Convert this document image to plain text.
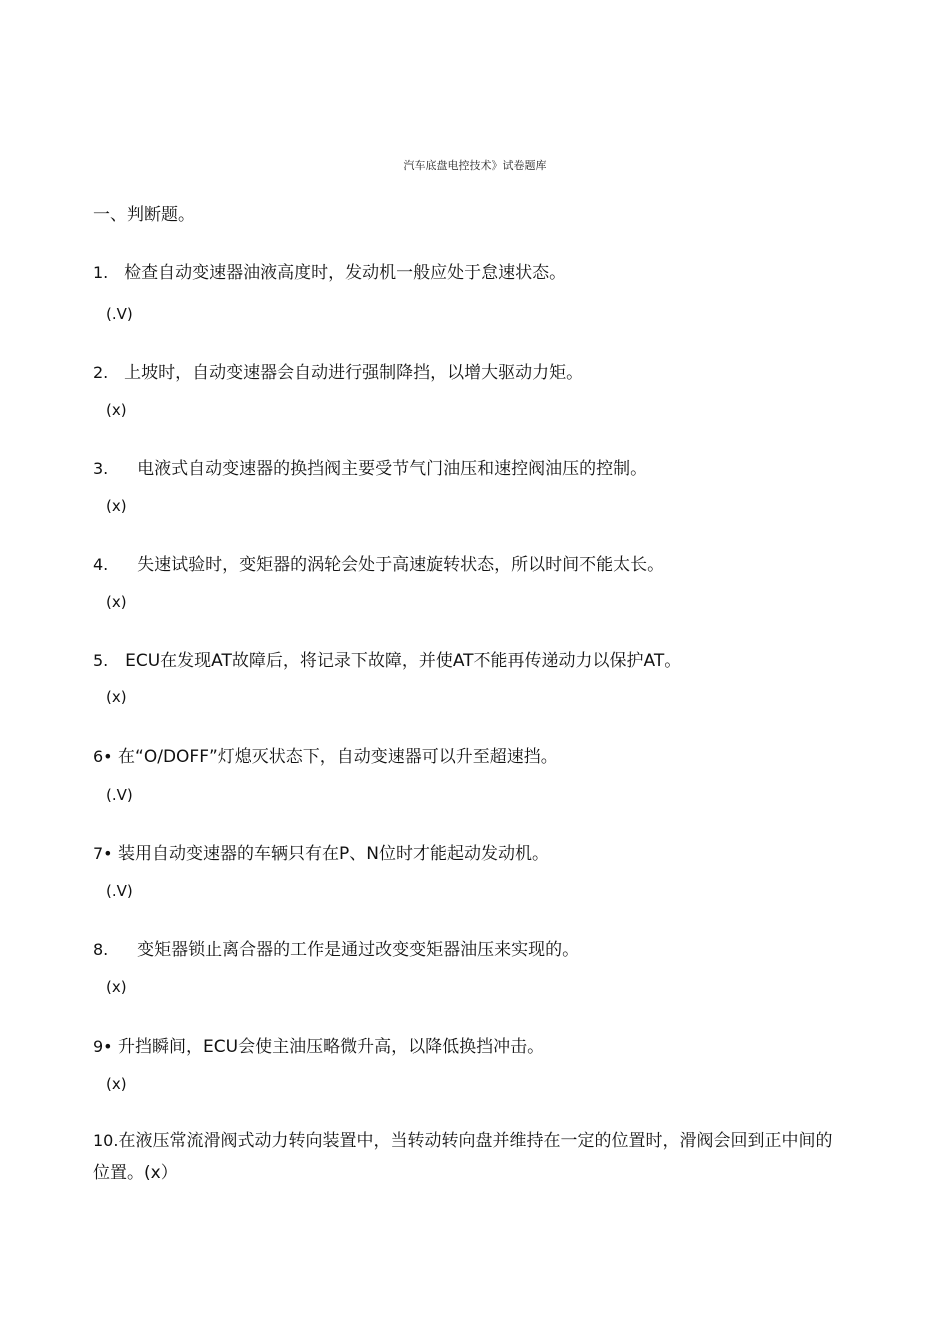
汽车底盘电控技术》试卷题库
一、判断题。
1. 检查自动变速器油液高度时，发动机一般应处于怠速状态。
(.V)
2. 上坡时，自动变速器会自动进行强制降挡，以增大驱动力矩。
(x)
3. 电液式自动变速器的换挡阀主要受节气门油压和速控阀油压的控制。
(x)
4. 失速试验时，变矩器的涡轮会处于高速旋转状态，所以时间不能太长。
(x)
5. ECU在发现AT故障后，将记录下故障，并使AT不能再传递动力以保护AT。
(x)
6• 在“O/DOFF”灯熄灭状态下，自动变速器可以升至超速挡。
(.V)
7• 装用自动变速器的车辆只有在P、N位时才能起动发动机。
(.V)
8. 变矩器锁止离合器的工作是通过改变变矩器油压来实现的。
(x)
9• 升挡瞬间，ECU会使主油压略微升高，以降低换挡冲击。
(x)
10.在液压常流滑阀式动力转向装置中，当转动转向盘并维持在一定的位置时，滑阀会回到正中间的位置。(x）
